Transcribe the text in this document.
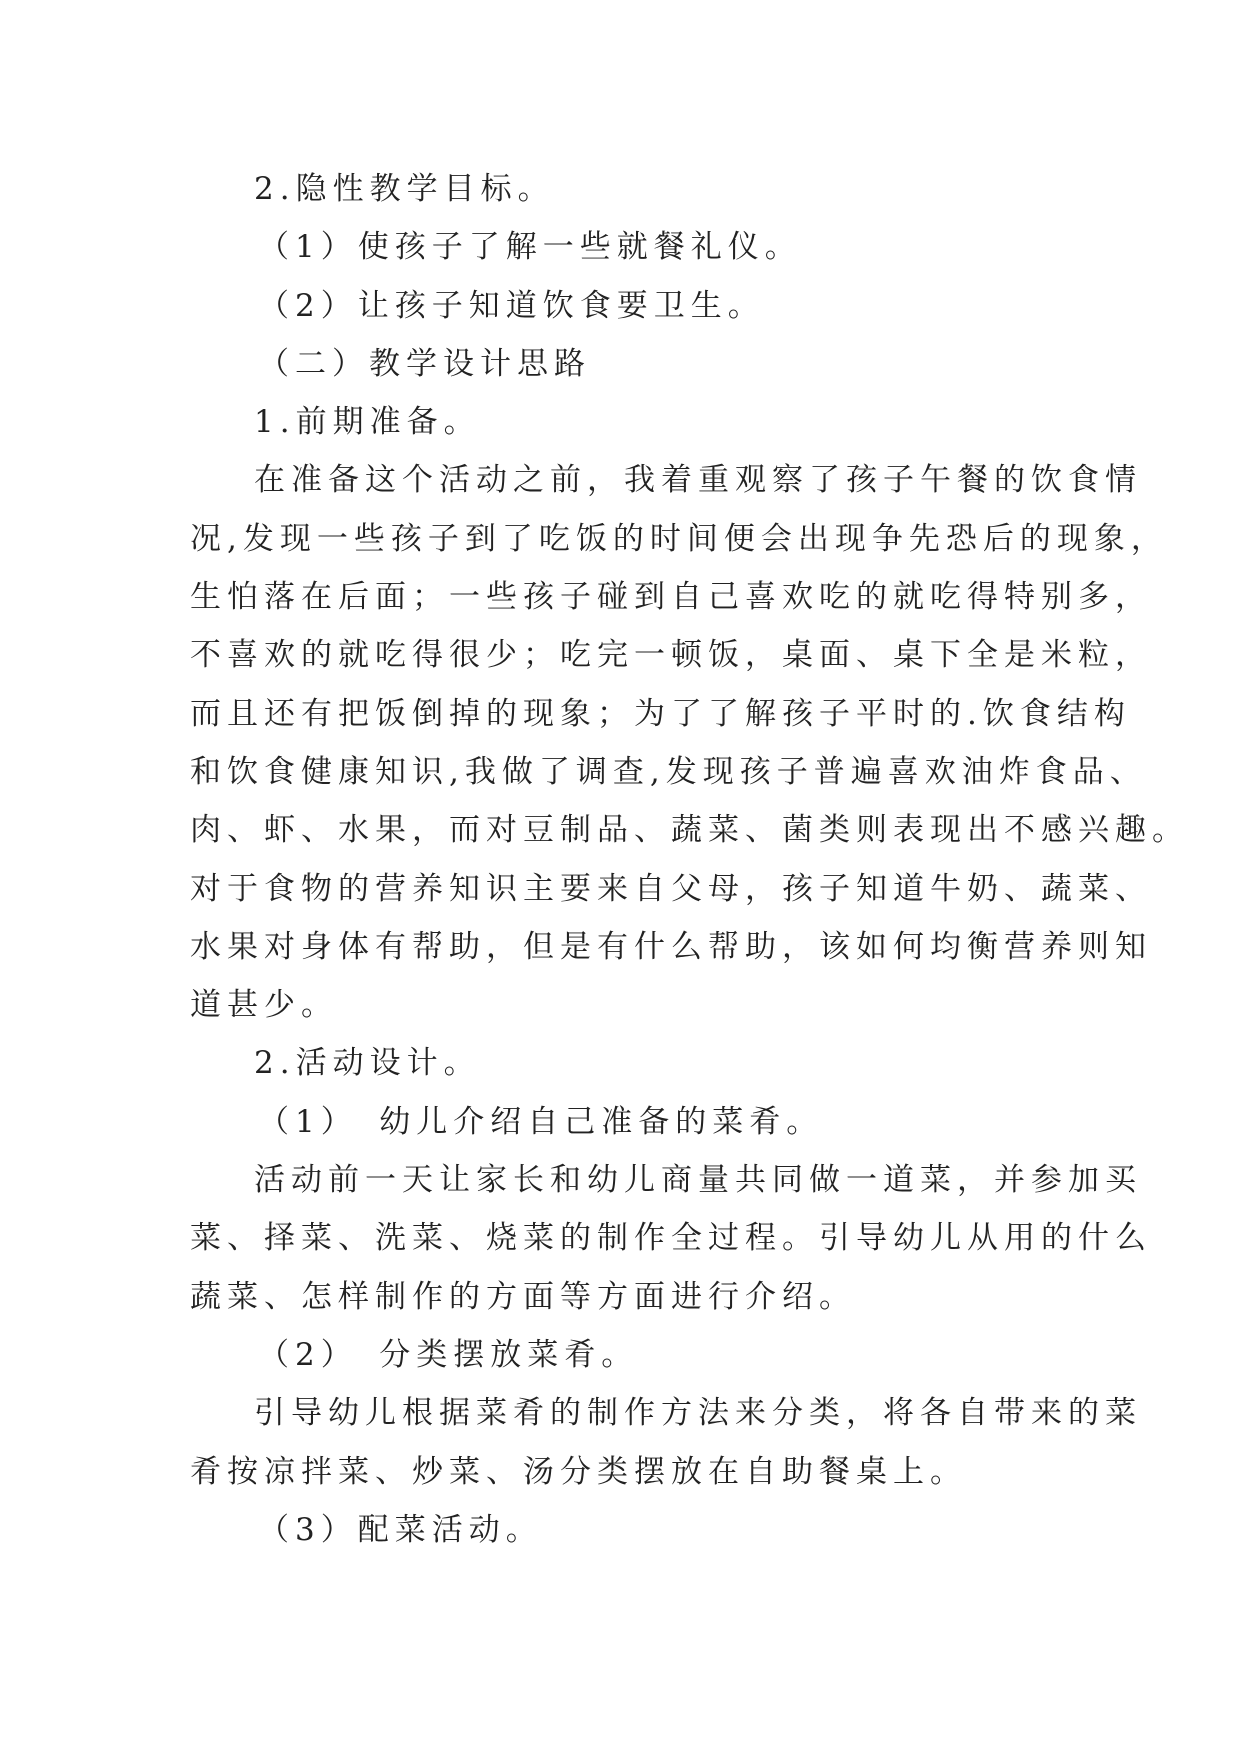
2.隐性教学目标。
（1）使孩子了解一些就餐礼仪。
（2）让孩子知道饮食要卫生。
（二）教学设计思路
1.前期准备。
在准备这个活动之前，我着重观察了孩子午餐的饮食情
况,发现一些孩子到了吃饭的时间便会出现争先恐后的现象，
生怕落在后面；一些孩子碰到自己喜欢吃的就吃得特别多，
不喜欢的就吃得很少；吃完一顿饭，桌面、桌下全是米粒，
而且还有把饭倒掉的现象；为了了解孩子平时的.饮食结构
和饮食健康知识,我做了调查,发现孩子普遍喜欢油炸食品、
肉、虾、水果，而对豆制品、蔬菜、菌类则表现出不感兴趣。
对于食物的营养知识主要来自父母，孩子知道牛奶、蔬菜、
水果对身体有帮助，但是有什么帮助，该如何均衡营养则知
道甚少。
2.活动设计。
（1）　幼儿介绍自己准备的菜肴。
活动前一天让家长和幼儿商量共同做一道菜，并参加买
菜、择菜、洗菜、烧菜的制作全过程。引导幼儿从用的什么
蔬菜、怎样制作的方面等方面进行介绍。
（2）　分类摆放菜肴。
引导幼儿根据菜肴的制作方法来分类，将各自带来的菜
肴按凉拌菜、炒菜、汤分类摆放在自助餐桌上。
（3）配菜活动。
